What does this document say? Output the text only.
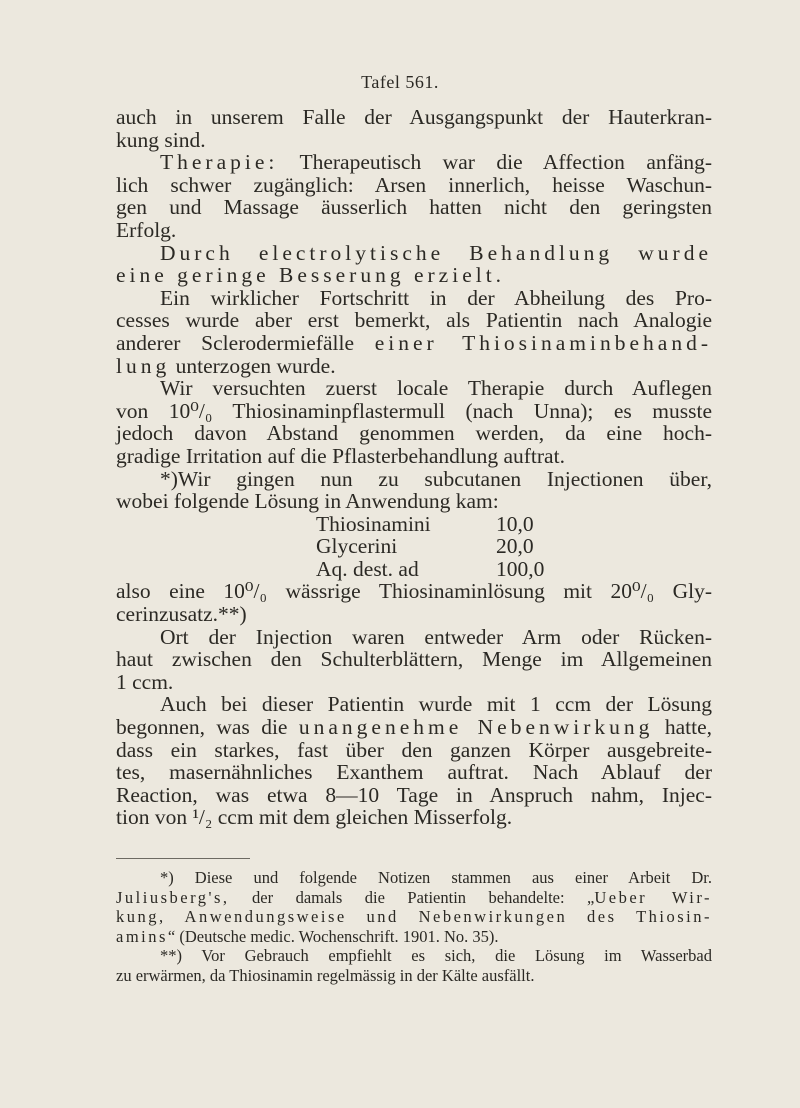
Tafel 561.
auch in unserem Falle der Ausgangspunkt der Hauterkran-
kung sind.
Therapie: Therapeutisch war die Affection anfäng-
lich schwer zugänglich: Arsen innerlich, heisse Waschun-
gen und Massage äusserlich hatten nicht den geringsten
Erfolg.
Durch electrolytische Behandlung wurde
eine geringe Besserung erzielt.
Ein wirklicher Fortschritt in der Abheilung des Pro-
cesses wurde aber erst bemerkt, als Patientin nach Analogie
anderer Sclerodermiefälle einer Thiosinaminbehand-
lung unterzogen wurde.
Wir versuchten zuerst locale Therapie durch Auflegen
von 10⁰/₀ Thiosinaminpflastermull (nach Unna); es musste
jedoch davon Abstand genommen werden, da eine hoch-
gradige Irritation auf die Pflasterbehandlung auftrat.
*)Wir gingen nun zu subcutanen Injectionen über,
wobei folgende Lösung in Anwendung kam:
Thiosinamini	10,0
Glycerini	20,0
Aq. dest. ad	100,0
also eine 10⁰/₀ wässrige Thiosinaminlösung mit 20⁰/₀ Gly-
cerinzusatz.**)
Ort der Injection waren entweder Arm oder Rücken-
haut zwischen den Schulterblättern, Menge im Allgemeinen
1 ccm.
Auch bei dieser Patientin wurde mit 1 ccm der Lösung
begonnen, was die unangenehme Nebenwirkung hatte,
dass ein starkes, fast über den ganzen Körper ausgebreite-
tes, masernähnliches Exanthem auftrat. Nach Ablauf der
Reaction, was etwa 8—10 Tage in Anspruch nahm, Injec-
tion von ¹/₂ ccm mit dem gleichen Misserfolg.
*) Diese und folgende Notizen stammen aus einer Arbeit Dr.
Juliusberg's, der damals die Patientin behandelte: „Ueber Wir-
kung, Anwendungsweise und Nebenwirkungen des Thiosin-
amins“ (Deutsche medic. Wochenschrift. 1901. No. 35).
**) Vor Gebrauch empfiehlt es sich, die Lösung im Wasserbad
zu erwärmen, da Thiosinamin regelmässig in der Kälte ausfällt.
